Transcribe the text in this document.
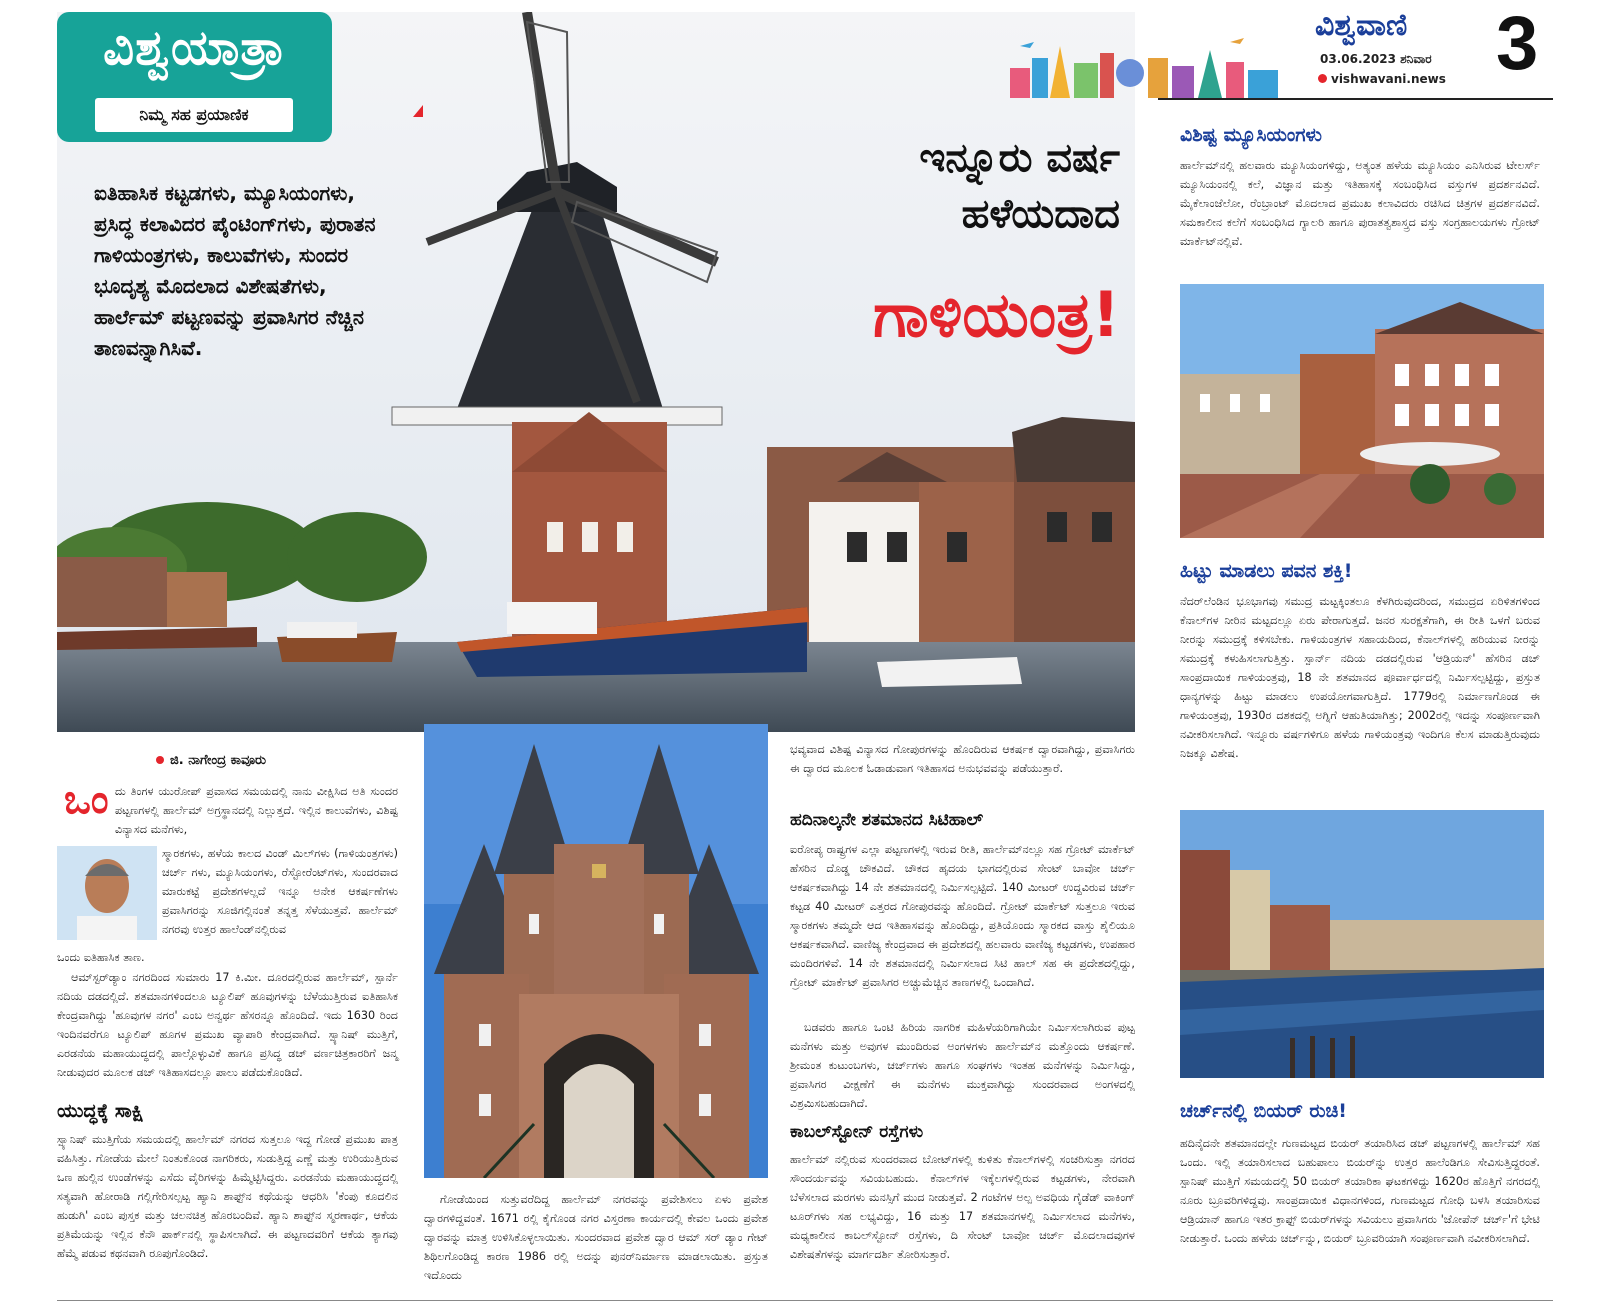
ವಿಶ್ವಯಾತ್ರಾ
ನಿಮ್ಮ ಸಹ ಪ್ರಯಾಣಿಕ
ಐತಿಹಾಸಿಕ ಕಟ್ಟಡಗಳು, ಮ್ಯೂಸಿಯಂಗಳು, ಪ್ರಸಿದ್ಧ ಕಲಾವಿದರ ಪೈಂಟಿಂಗ್‌ಗಳು, ಪುರಾತನ ಗಾಳಿಯಂತ್ರಗಳು, ಕಾಲುವೆಗಳು, ಸುಂದರ ಭೂದೃಶ್ಯ ಮೊದಲಾದ ವಿಶೇಷತೆಗಳು, ಹಾರ್ಲೆಮ್ ಪಟ್ಟಣವನ್ನು ಪ್ರವಾಸಿಗರ ನೆಚ್ಚಿನ ತಾಣವನ್ನಾಗಿಸಿವೆ.
ಇನ್ನೂರು ವರ್ಷ
ಹಳೆಯದಾದ
ಗಾಳಿಯಂತ್ರ!
ವಿಶ್ವವಾಣಿ
03.06.2023 ಶನಿವಾರ
vishwavani.news 3
ವಿಶಿಷ್ಟ ಮ್ಯೂಸಿಯಂಗಳು
ಹಾರ್ಲೆಮ್‌ನಲ್ಲಿ ಹಲವಾರು ಮ್ಯೂಸಿಯಂಗಳಿದ್ದು, ಅತ್ಯಂತ ಹಳೆಯ ಮ್ಯೂಸಿಯಂ ಎನಿಸಿರುವ ಟೇಲರ್ಸ್ ಮ್ಯೂಸಿಯಂನಲ್ಲಿ ಕಲೆ, ವಿಜ್ಞಾನ ಮತ್ತು ಇತಿಹಾಸಕ್ಕೆ ಸಂಬಂಧಿಸಿದ ವಸ್ತುಗಳ ಪ್ರದರ್ಶನವಿದೆ. ಮೈಕೆಲಾಂಜೆಲೋ, ರೆಂಬ್ರಾಂಟ್ ಮೊದಲಾದ ಪ್ರಮುಖ ಕಲಾವಿದರು ರಚಿಸಿದ ಚಿತ್ರಗಳ ಪ್ರದರ್ಶನವಿದೆ. ಸಮಕಾಲೀನ ಕಲೆಗೆ ಸಂಬಂಧಿಸಿದ ಗ್ಯಾಲರಿ ಹಾಗೂ ಪುರಾತತ್ವಶಾಸ್ತ್ರದ ವಸ್ತು ಸಂಗ್ರಹಾಲಯಗಳು ಗ್ರೋಟ್ ಮಾರ್ಕೆಟ್‌ನಲ್ಲಿವೆ.
ಹಿಟ್ಟು ಮಾಡಲು ಪವನ ಶಕ್ತಿ!
ನೆದರ್‌ಲೆಂಡಿನ ಭೂಭಾಗವು ಸಮುದ್ರ ಮಟ್ಟಕ್ಕಿಂತಲೂ ಕೆಳಗಿರುವುದರಿಂದ, ಸಮುದ್ರದ ಏರಿಳಿತಗಳಿಂದ ಕೆನಾಲ್‌ಗಳ ನೀರಿನ ಮಟ್ಟದಲ್ಲೂ ಏರು ಪೇರಾಗುತ್ತದೆ. ಜನರ ಸುರಕ್ಷತೆಗಾಗಿ, ಈ ರೀತಿ ಒಳಗೆ ಬರುವ ನೀರನ್ನು ಸಮುದ್ರಕ್ಕೆ ಕಳಿಸಬೇಕು. ಗಾಳಿಯಂತ್ರಗಳ ಸಹಾಯದಿಂದ, ಕೆನಾಲ್‌ಗಳಲ್ಲಿ ಹರಿಯುವ ನೀರನ್ನು ಸಮುದ್ರಕ್ಕೆ ಕಳುಹಿಸಲಾಗುತ್ತಿತ್ತು. ಸ್ಪಾರ್ನ್ ನದಿಯ ದಡದಲ್ಲಿರುವ 'ಆಡ್ರಿಯನ್' ಹೆಸರಿನ ಡಚ್ ಸಾಂಪ್ರದಾಯಿಕ ಗಾಳಿಯಂತ್ರವು, 18 ನೇ ಶತಮಾನದ ಪೂರ್ವಾರ್ಧದಲ್ಲಿ ನಿರ್ಮಿಸಲ್ಪಟ್ಟಿದ್ದು, ಪ್ರಸ್ತುತ ಧಾನ್ಯಗಳನ್ನು ಹಿಟ್ಟು ಮಾಡಲು ಉಪಯೋಗವಾಗುತ್ತಿದೆ. 1779ರಲ್ಲಿ ನಿರ್ಮಾಣಗೊಂಡ ಈ ಗಾಳಿಯಂತ್ರವು, 1930ರ ದಶಕದಲ್ಲಿ ಅಗ್ನಿಗೆ ಆಹುತಿಯಾಗಿತ್ತು; 2002ರಲ್ಲಿ ಇದನ್ನು ಸಂಪೂರ್ಣವಾಗಿ ನವೀಕರಿಸಲಾಗಿದೆ. ಇನ್ನೂರು ವರ್ಷಗಳಿಗೂ ಹಳೆಯ ಗಾಳಿಯಂತ್ರವು ಇಂದಿಗೂ ಕೆಲಸ ಮಾಡುತ್ತಿರುವುದು ನಿಜಕ್ಕೂ ವಿಶೇಷ.
ಚರ್ಚ್‌ನಲ್ಲಿ ಬಿಯರ್ ರುಚಿ!
ಹದಿನೈದನೇ ಶತಮಾನದಲ್ಲೇ ಗುಣಮಟ್ಟದ ಬಿಯರ್ ತಯಾರಿಸಿದ ಡಚ್ ಪಟ್ಟಣಗಳಲ್ಲಿ ಹಾರ್ಲೆಮ್ ಸಹ ಒಂದು. ಇಲ್ಲಿ ತಯಾರಿಸಲಾದ ಬಹುಪಾಲು ಬಿಯರ್‌ನ್ನು ಉತ್ತರ ಹಾಲೆಂಡಿಗೂ ಸೇವಿಸುತ್ತಿದ್ದರಂತೆ. ಸ್ಪಾನಿಷ್ ಮುತ್ತಿಗೆ ಸಮಯದಲ್ಲಿ 50 ಬಿಯರ್ ತಯಾರಿಕಾ ಘಟಕಗಳಿದ್ದು 1620ರ ಹೊತ್ತಿಗೆ ನಗರದಲ್ಲಿ ನೂರು ಬ್ರೂವರಿಗಳಿದ್ದವು. ಸಾಂಪ್ರದಾಯಿಕ ವಿಧಾನಗಳಿಂದ, ಗುಣಮಟ್ಟದ ಗೋಧಿ ಬಳಸಿ ತಯಾರಿಸುವ ಆಡ್ರಿಯಾನ್ ಹಾಗೂ ಇತರ ಕ್ರಾಫ್ಟ್ ಬಿಯರ್‌ಗಳನ್ನು ಸವಿಯಲು ಪ್ರವಾಸಿಗರು 'ಜೋಪೆನ್ ಚರ್ಚ್'ಗೆ ಭೇಟಿ ನೀಡುತ್ತಾರೆ. ಒಂದು ಹಳೆಯ ಚರ್ಚ್‌ನ್ನು, ಬಿಯರ್ ಬ್ರೂವರಿಯಾಗಿ ಸಂಪೂರ್ಣವಾಗಿ ನವೀಕರಿಸಲಾಗಿದೆ.
ಜಿ. ನಾಗೇಂದ್ರ ಕಾವೂರು
ಒಂ ದು ತಿಂಗಳ ಯುರೋಪ್ ಪ್ರವಾಸದ ಸಮಯದಲ್ಲಿ ನಾನು ವೀಕ್ಷಿಸಿದ ಅತಿ ಸುಂದರ ಪಟ್ಟಣಗಳಲ್ಲಿ ಹಾರ್ಲೆಮ್ ಅಗ್ರಸ್ಥಾನದಲ್ಲಿ ನಿಲ್ಲುತ್ತದೆ. ಇಲ್ಲಿನ ಕಾಲುವೆಗಳು, ವಿಶಿಷ್ಟ ವಿನ್ಯಾಸದ ಮನೆಗಳು,
ಸ್ಮಾರಕಗಳು, ಹಳೆಯ ಕಾಲದ ವಿಂಡ್ ಮಿಲ್‌ಗಳು (ಗಾಳಿಯಂತ್ರಗಳು) ಚರ್ಚ್ ಗಳು, ಮ್ಯೂಸಿಯಂಗಳು, ರೆಸ್ಟೋರೆಂಟ್‌ಗಳು, ಸುಂದರವಾದ ಮಾರುಕಟ್ಟೆ ಪ್ರದೇಶಗಳಲ್ಲದೆ ಇನ್ನೂ ಅನೇಕ ಆಕರ್ಷಣೆಗಳು ಪ್ರವಾಸಿಗರನ್ನು ಸೂಜಿಗಲ್ಲಿನಂತೆ ತನ್ನತ್ತ ಸೆಳೆಯುತ್ತವೆ. ಹಾರ್ಲೆಮ್ ನಗರವು ಉತ್ತರ ಹಾಲೆಂಡ್‌ನಲ್ಲಿರುವ
ಒಂದು ಐತಿಹಾಸಿಕ ತಾಣ.
ಆಮ್‌ಸ್ಟರ್‌ಡ್ಯಾಂ ನಗರದಿಂದ ಸುಮಾರು 17 ಕಿ.ಮೀ. ದೂರದಲ್ಲಿರುವ ಹಾರ್ಲೆಮ್, ಸ್ಪಾರ್ನೆ ನದಿಯ ದಡದಲ್ಲಿದೆ. ಶತಮಾನಗಳಿಂದಲೂ ಟ್ಯೂಲಿಪ್ ಹೂವುಗಳನ್ನು ಬೆಳೆಯುತ್ತಿರುವ ಐತಿಹಾಸಿಕ ಕೇಂದ್ರವಾಗಿದ್ದು 'ಹೂವುಗಳ ನಗರ' ಎಂಬ ಅನ್ವರ್ಥ ಹೆಸರನ್ನೂ ಹೊಂದಿದೆ. ಇದು 1630 ರಿಂದ ಇಂದಿನವರೆಗೂ ಟ್ಯೂಲಿಪ್ ಹೂಗಳ ಪ್ರಮುಖ ವ್ಯಾಪಾರಿ ಕೇಂದ್ರವಾಗಿದೆ. ಸ್ಪ್ಯಾನಿಷ್ ಮುತ್ತಿಗೆ, ಎರಡನೆಯ ಮಹಾಯುದ್ಧದಲ್ಲಿ ಪಾಲ್ಗೊಳ್ಳುವಿಕೆ ಹಾಗೂ ಪ್ರಸಿದ್ಧ ಡಚ್ ವರ್ಣಚಿತ್ರಕಾರರಿಗೆ ಜನ್ಮ ನೀಡುವುದರ ಮೂಲಕ ಡಚ್ ಇತಿಹಾಸದಲ್ಲೂ ಪಾಲು ಪಡೆದುಕೊಂಡಿದೆ.
ಯುದ್ಧಕ್ಕೆ ಸಾಕ್ಷಿ
ಸ್ಪ್ಯಾನಿಷ್ ಮುತ್ತಿಗೆಯ ಸಮಯದಲ್ಲಿ ಹಾರ್ಲೆಮ್ ನಗರದ ಸುತ್ತಲೂ ಇದ್ದ ಗೋಡೆ ಪ್ರಮುಖ ಪಾತ್ರ ವಹಿಸಿತ್ತು. ಗೋಡೆಯ ಮೇಲೆ ನಿಂತುಕೊಂಡ ನಾಗರಿಕರು, ಸುಡುತ್ತಿದ್ದ ಎಣ್ಣೆ ಮತ್ತು ಉರಿಯುತ್ತಿರುವ ಒಣ ಹುಲ್ಲಿನ ಉಂಡೆಗಳನ್ನು ಎಸೆದು ವೈರಿಗಳನ್ನು ಹಿಮ್ಮೆಟ್ಟಿಸಿದ್ದರು. ಎರಡನೆಯ ಮಹಾಯುದ್ಧದಲ್ಲಿ ಸತ್ಯವಾಗಿ ಹೋರಾಡಿ ಗಲ್ಲಿಗೇರಿಸಲ್ಪಟ್ಟ ಹ್ಯಾನಿ ಶಾಫ್ಟ್‌ನ ಕಥೆಯನ್ನು ಆಧರಿಸಿ 'ಕೆಂಪು ಕೂದಲಿನ ಹುಡುಗಿ' ಎಂಬ ಪುಸ್ತಕ ಮತ್ತು ಚಲನಚಿತ್ರ ಹೊರಬಂದಿವೆ. ಹ್ಯಾನಿ ಶಾಫ್ಟ್‌ನ ಸ್ಮರಣಾರ್ಥ, ಆಕೆಯ ಪ್ರತಿಮೆಯನ್ನು ಇಲ್ಲಿನ ಕೆನೌ ಪಾರ್ಕ್‌ನಲ್ಲಿ ಸ್ಥಾಪಿಸಲಾಗಿದೆ. ಈ ಪಟ್ಟಣದವರಿಗೆ ಆಕೆಯ ತ್ಯಾಗವು ಹೆಮ್ಮೆ ಪಡುವ ಕಥನವಾಗಿ ರೂಪುಗೊಂಡಿದೆ.
ಗೋಡೆಯಿಂದ ಸುತ್ತುವರೆದಿದ್ದ ಹಾರ್ಲೆಮ್ ನಗರವನ್ನು ಪ್ರವೇಶಿಸಲು ಏಳು ಪ್ರವೇಶ ದ್ವಾರಗಳಿದ್ದವಂತೆ. 1671 ರಲ್ಲಿ ಕೈಗೊಂಡ ನಗರ ವಿಸ್ತರಣಾ ಕಾರ್ಯದಲ್ಲಿ ಕೇವಲ ಒಂದು ಪ್ರವೇಶ ದ್ವಾರವನ್ನು ಮಾತ್ರ ಉಳಿಸಿಕೊಳ್ಳಲಾಯಿತು. ಸುಂದರವಾದ ಪ್ರವೇಶ ದ್ವಾರ ಆಮ್ ಸರ್ ಡ್ಯಾಂ ಗೇಟ್ ಶಿಥಿಲಗೊಂಡಿದ್ದ ಕಾರಣ 1986 ರಲ್ಲಿ ಅದನ್ನು ಪುನರ್‌ನಿರ್ಮಾಣ ಮಾಡಲಾಯಿತು. ಪ್ರಸ್ತುತ ಇದೊಂದು
ಭವ್ಯವಾದ ವಿಶಿಷ್ಟ ವಿನ್ಯಾಸದ ಗೋಪುರಗಳನ್ನು ಹೊಂದಿರುವ ಆಕರ್ಷಕ ದ್ವಾರವಾಗಿದ್ದು, ಪ್ರವಾಸಿಗರು ಈ ದ್ವಾರದ ಮೂಲಕ ಓಡಾಡುವಾಗ ಇತಿಹಾಸದ ಅನುಭವವನ್ನು ಪಡೆಯುತ್ತಾರೆ.
ಹದಿನಾಲ್ಕನೇ ಶತಮಾನದ ಸಿಟಿಹಾಲ್
ಐರೋಪ್ಯ ರಾಷ್ಟ್ರಗಳ ಎಲ್ಲಾ ಪಟ್ಟಣಗಳಲ್ಲಿ ಇರುವ ರೀತಿ, ಹಾರ್ಲೆಮ್‌ನಲ್ಲೂ ಸಹ ಗ್ರೋಟ್ ಮಾರ್ಕೆಟ್ ಹೆಸರಿನ ದೊಡ್ಡ ಚೌಕವಿದೆ. ಚೌಕದ ಹೃದಯ ಭಾಗದಲ್ಲಿರುವ ಸೇಂಟ್ ಬಾವೋ ಚರ್ಚ್ ಆಕರ್ಷಕವಾಗಿದ್ದು 14 ನೇ ಶತಮಾನದಲ್ಲಿ ನಿರ್ಮಿಸಲ್ಪಟ್ಟಿದೆ. 140 ಮೀಟರ್ ಉದ್ದವಿರುವ ಚರ್ಚ್ ಕಟ್ಟಡ 40 ಮೀಟರ್ ಎತ್ತರದ ಗೋಪುರವನ್ನು ಹೊಂದಿದೆ. ಗ್ರೋಟ್ ಮಾರ್ಕೆಟ್ ಸುತ್ತಲೂ ಇರುವ ಸ್ಮಾರಕಗಳು ತಮ್ಮದೇ ಆದ ಇತಿಹಾಸವನ್ನು ಹೊಂದಿದ್ದು, ಪ್ರತಿಯೊಂದು ಸ್ಮಾರಕದ ವಾಸ್ತು ಶೈಲಿಯೂ ಆಕರ್ಷಕವಾಗಿದೆ. ವಾಣಿಜ್ಯ ಕೇಂದ್ರವಾದ ಈ ಪ್ರದೇಶದಲ್ಲಿ ಹಲವಾರು ವಾಣಿಜ್ಯ ಕಟ್ಟಡಗಳು, ಉಪಹಾರ ಮಂದಿರಗಳಿವೆ. 14 ನೇ ಶತಮಾನದಲ್ಲಿ ನಿರ್ಮಿಸಲಾದ ಸಿಟಿ ಹಾಲ್ ಸಹ ಈ ಪ್ರದೇಶದಲ್ಲಿದ್ದು, ಗ್ರೋಟ್ ಮಾರ್ಕೆಟ್ ಪ್ರವಾಸಿಗರ ಅಚ್ಚುಮೆಚ್ಚಿನ ತಾಣಗಳಲ್ಲಿ ಒಂದಾಗಿದೆ.
ಬಡವರು ಹಾಗೂ ಒಂಟಿ ಹಿರಿಯ ನಾಗರಿಕ ಮಹಿಳೆಯರಿಗಾಗಿಯೇ ನಿರ್ಮಿಸಲಾಗಿರುವ ಪುಟ್ಟ ಮನೆಗಳು ಮತ್ತು ಅವುಗಳ ಮುಂದಿರುವ ಅಂಗಳಗಳು ಹಾರ್ಲೆಮ್‌ನ ಮತ್ತೊಂದು ಆಕರ್ಷಣೆ. ಶ್ರೀಮಂತ ಕುಟುಂಬಗಳು, ಚರ್ಚ್‌ಗಳು ಹಾಗೂ ಸಂಘಗಳು ಇಂತಹ ಮನೆಗಳನ್ನು ನಿರ್ಮಿಸಿದ್ದು, ಪ್ರವಾಸಿಗರ ವೀಕ್ಷಣೆಗೆ ಈ ಮನೆಗಳು ಮುಕ್ತವಾಗಿದ್ದು ಸುಂದರವಾದ ಅಂಗಳದಲ್ಲಿ ವಿಶ್ರಮಿಸಬಹುದಾಗಿದೆ.
ಕಾಬಲ್‌ಸ್ಟೋನ್ ರಸ್ತೆಗಳು
ಹಾರ್ಲೆಮ್ ನಲ್ಲಿರುವ ಸುಂದರವಾದ ಬೋಟ್‌ಗಳಲ್ಲಿ ಕುಳಿತು ಕೆನಾಲ್‌ಗಳಲ್ಲಿ ಸಂಚರಿಸುತ್ತಾ ನಗರದ ಸೌಂದರ್ಯವನ್ನು ಸವಿಯಬಹುದು. ಕೆನಾಲ್‌ಗಳ ಇಕ್ಕೆಲಗಳಲ್ಲಿರುವ ಕಟ್ಟಡಗಳು, ನೇರವಾಗಿ ಬೆಳೆಸಲಾದ ಮರಗಳು ಮನಸ್ಸಿಗೆ ಮುದ ನೀಡುತ್ತವೆ. 2 ಗಂಟೆಗಳ ಅಲ್ಪ ಅವಧಿಯ ಗೈಡೆಡ್ ವಾಕಿಂಗ್ ಟೂರ್‌ಗಳು ಸಹ ಲಭ್ಯವಿದ್ದು, 16 ಮತ್ತು 17 ಶತಮಾನಗಳಲ್ಲಿ ನಿರ್ಮಿಸಲಾದ ಮನೆಗಳು, ಮಧ್ಯಕಾಲೀನ ಕಾಬಲ್‌ಸ್ಟೋನ್ ರಸ್ತೆಗಳು, ದಿ ಸೇಂಟ್ ಬಾವೋ ಚರ್ಚ್ ಮೊದಲಾದವುಗಳ ವಿಶೇಷತೆಗಳನ್ನು ಮಾರ್ಗದರ್ಶಿ ತೋರಿಸುತ್ತಾರೆ.
